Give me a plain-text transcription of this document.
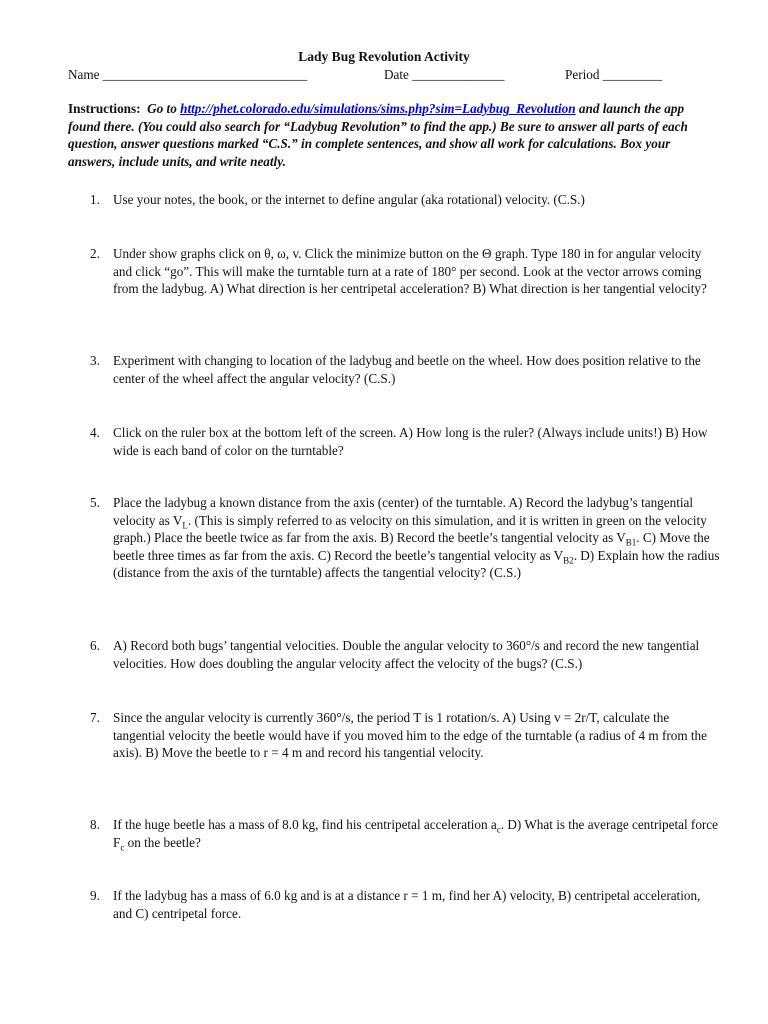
Lady Bug Revolution Activity
Name _______________________________	Date ______________	Period _________
Instructions: Go to http://phet.colorado.edu/simulations/sims.php?sim=Ladybug_Revolution and launch the app found there. (You could also search for “Ladybug Revolution” to find the app.) Be sure to answer all parts of each question, answer questions marked “C.S.” in complete sentences, and show all work for calculations. Box your answers, include units, and write neatly.
1. Use your notes, the book, or the internet to define angular (aka rotational) velocity. (C.S.)
2. Under show graphs click on θ, ω, v. Click the minimize button on the Θ graph. Type 180 in for angular velocity and click “go”. This will make the turntable turn at a rate of 180° per second. Look at the vector arrows coming from the ladybug. A) What direction is her centripetal acceleration? B) What direction is her tangential velocity?
3. Experiment with changing to location of the ladybug and beetle on the wheel. How does position relative to the center of the wheel affect the angular velocity? (C.S.)
4. Click on the ruler box at the bottom left of the screen. A) How long is the ruler? (Always include units!) B) How wide is each band of color on the turntable?
5. Place the ladybug a known distance from the axis (center) of the turntable. A) Record the ladybug’s tangential velocity as $V_L$. (This is simply referred to as velocity on this simulation, and it is written in green on the velocity graph.) Place the beetle twice as far from the axis. B) Record the beetle’s tangential velocity as $V_{B1}$. C) Move the beetle three times as far from the axis. C) Record the beetle’s tangential velocity as $V_{B2}$. D) Explain how the radius (distance from the axis of the turntable) affects the tangential velocity? (C.S.)
6. A) Record both bugs’ tangential velocities. Double the angular velocity to 360°/s and record the new tangential velocities. How does doubling the angular velocity affect the velocity of the bugs? (C.S.)
7. Since the angular velocity is currently 360°/s, the period T is 1 rotation/s. A) Using v = 2r/T, calculate the tangential velocity the beetle would have if you moved him to the edge of the turntable (a radius of 4 m from the axis). B) Move the beetle to r = 4 m and record his tangential velocity.
8. If the huge beetle has a mass of 8.0 kg, find his centripetal acceleration $a_c$. D) What is the average centripetal force $F_c$ on the beetle?
9. If the ladybug has a mass of 6.0 kg and is at a distance r = 1 m, find her A) velocity, B) centripetal acceleration, and C) centripetal force.
